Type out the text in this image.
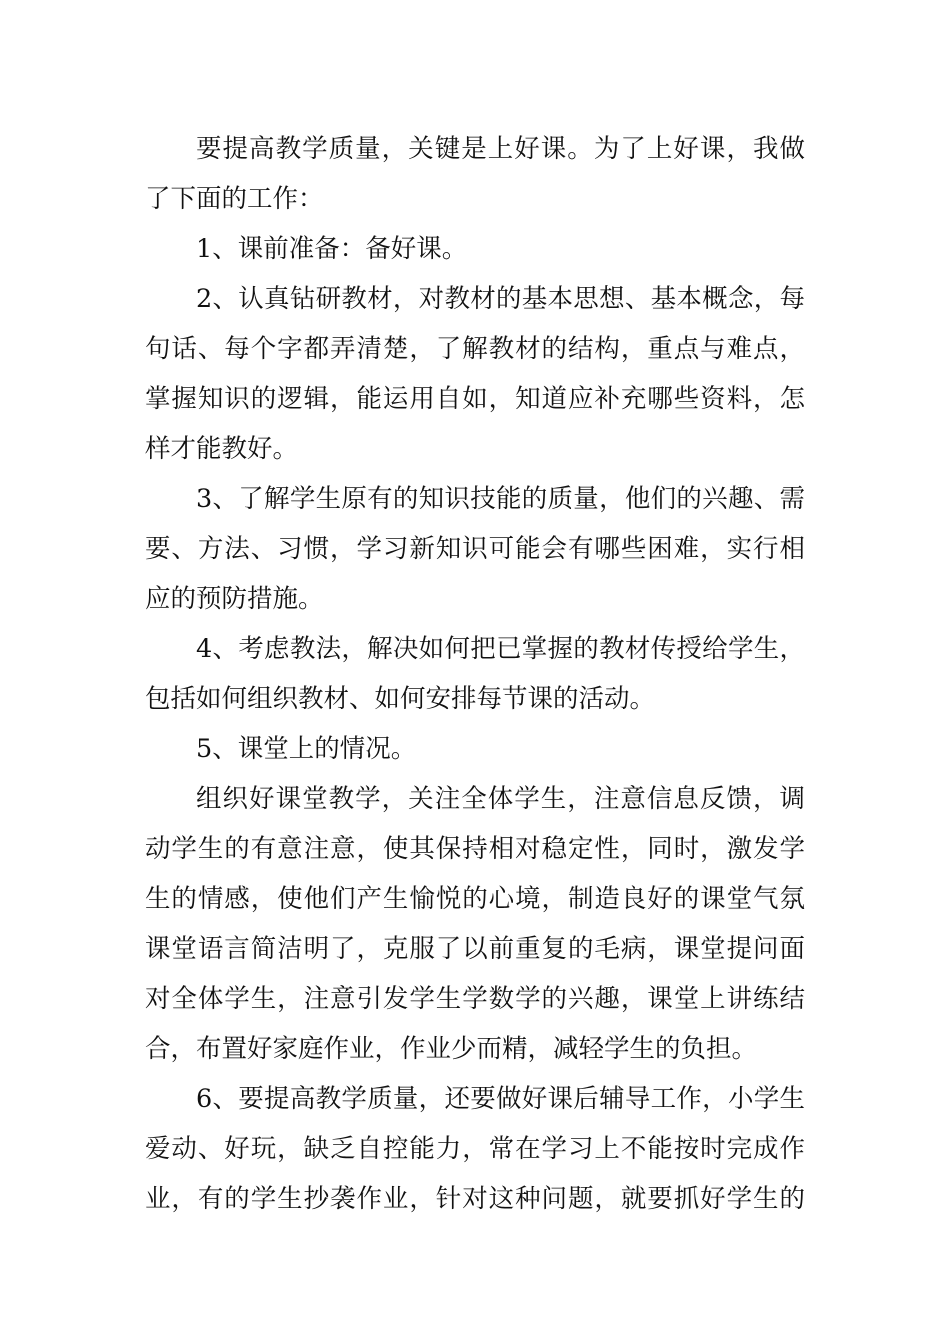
要提高教学质量，关键是上好课。为了上好课，我做
了下面的工作：

1、课前准备：备好课。

2、认真钻研教材，对教材的基本思想、基本概念，每
句话、每个字都弄清楚，了解教材的结构，重点与难点，
掌握知识的逻辑，能运用自如，知道应补充哪些资料，怎
样才能教好。

3、了解学生原有的知识技能的质量，他们的兴趣、需
要、方法、习惯，学习新知识可能会有哪些困难，实行相
应的预防措施。

4、考虑教法，解决如何把已掌握的教材传授给学生，
包括如何组织教材、如何安排每节课的活动。

5、课堂上的情况。

组织好课堂教学，关注全体学生，注意信息反馈，调
动学生的有意注意，使其保持相对稳定性，同时，激发学
生的情感，使他们产生愉悦的心境，制造良好的课堂气氛
课堂语言简洁明了，克服了以前重复的毛病，课堂提问面
对全体学生，注意引发学生学数学的兴趣，课堂上讲练结
合，布置好家庭作业，作业少而精，减轻学生的负担。

6、要提高教学质量，还要做好课后辅导工作，小学生
爱动、好玩，缺乏自控能力，常在学习上不能按时完成作
业，有的学生抄袭作业，针对这种问题，就要抓好学生的
